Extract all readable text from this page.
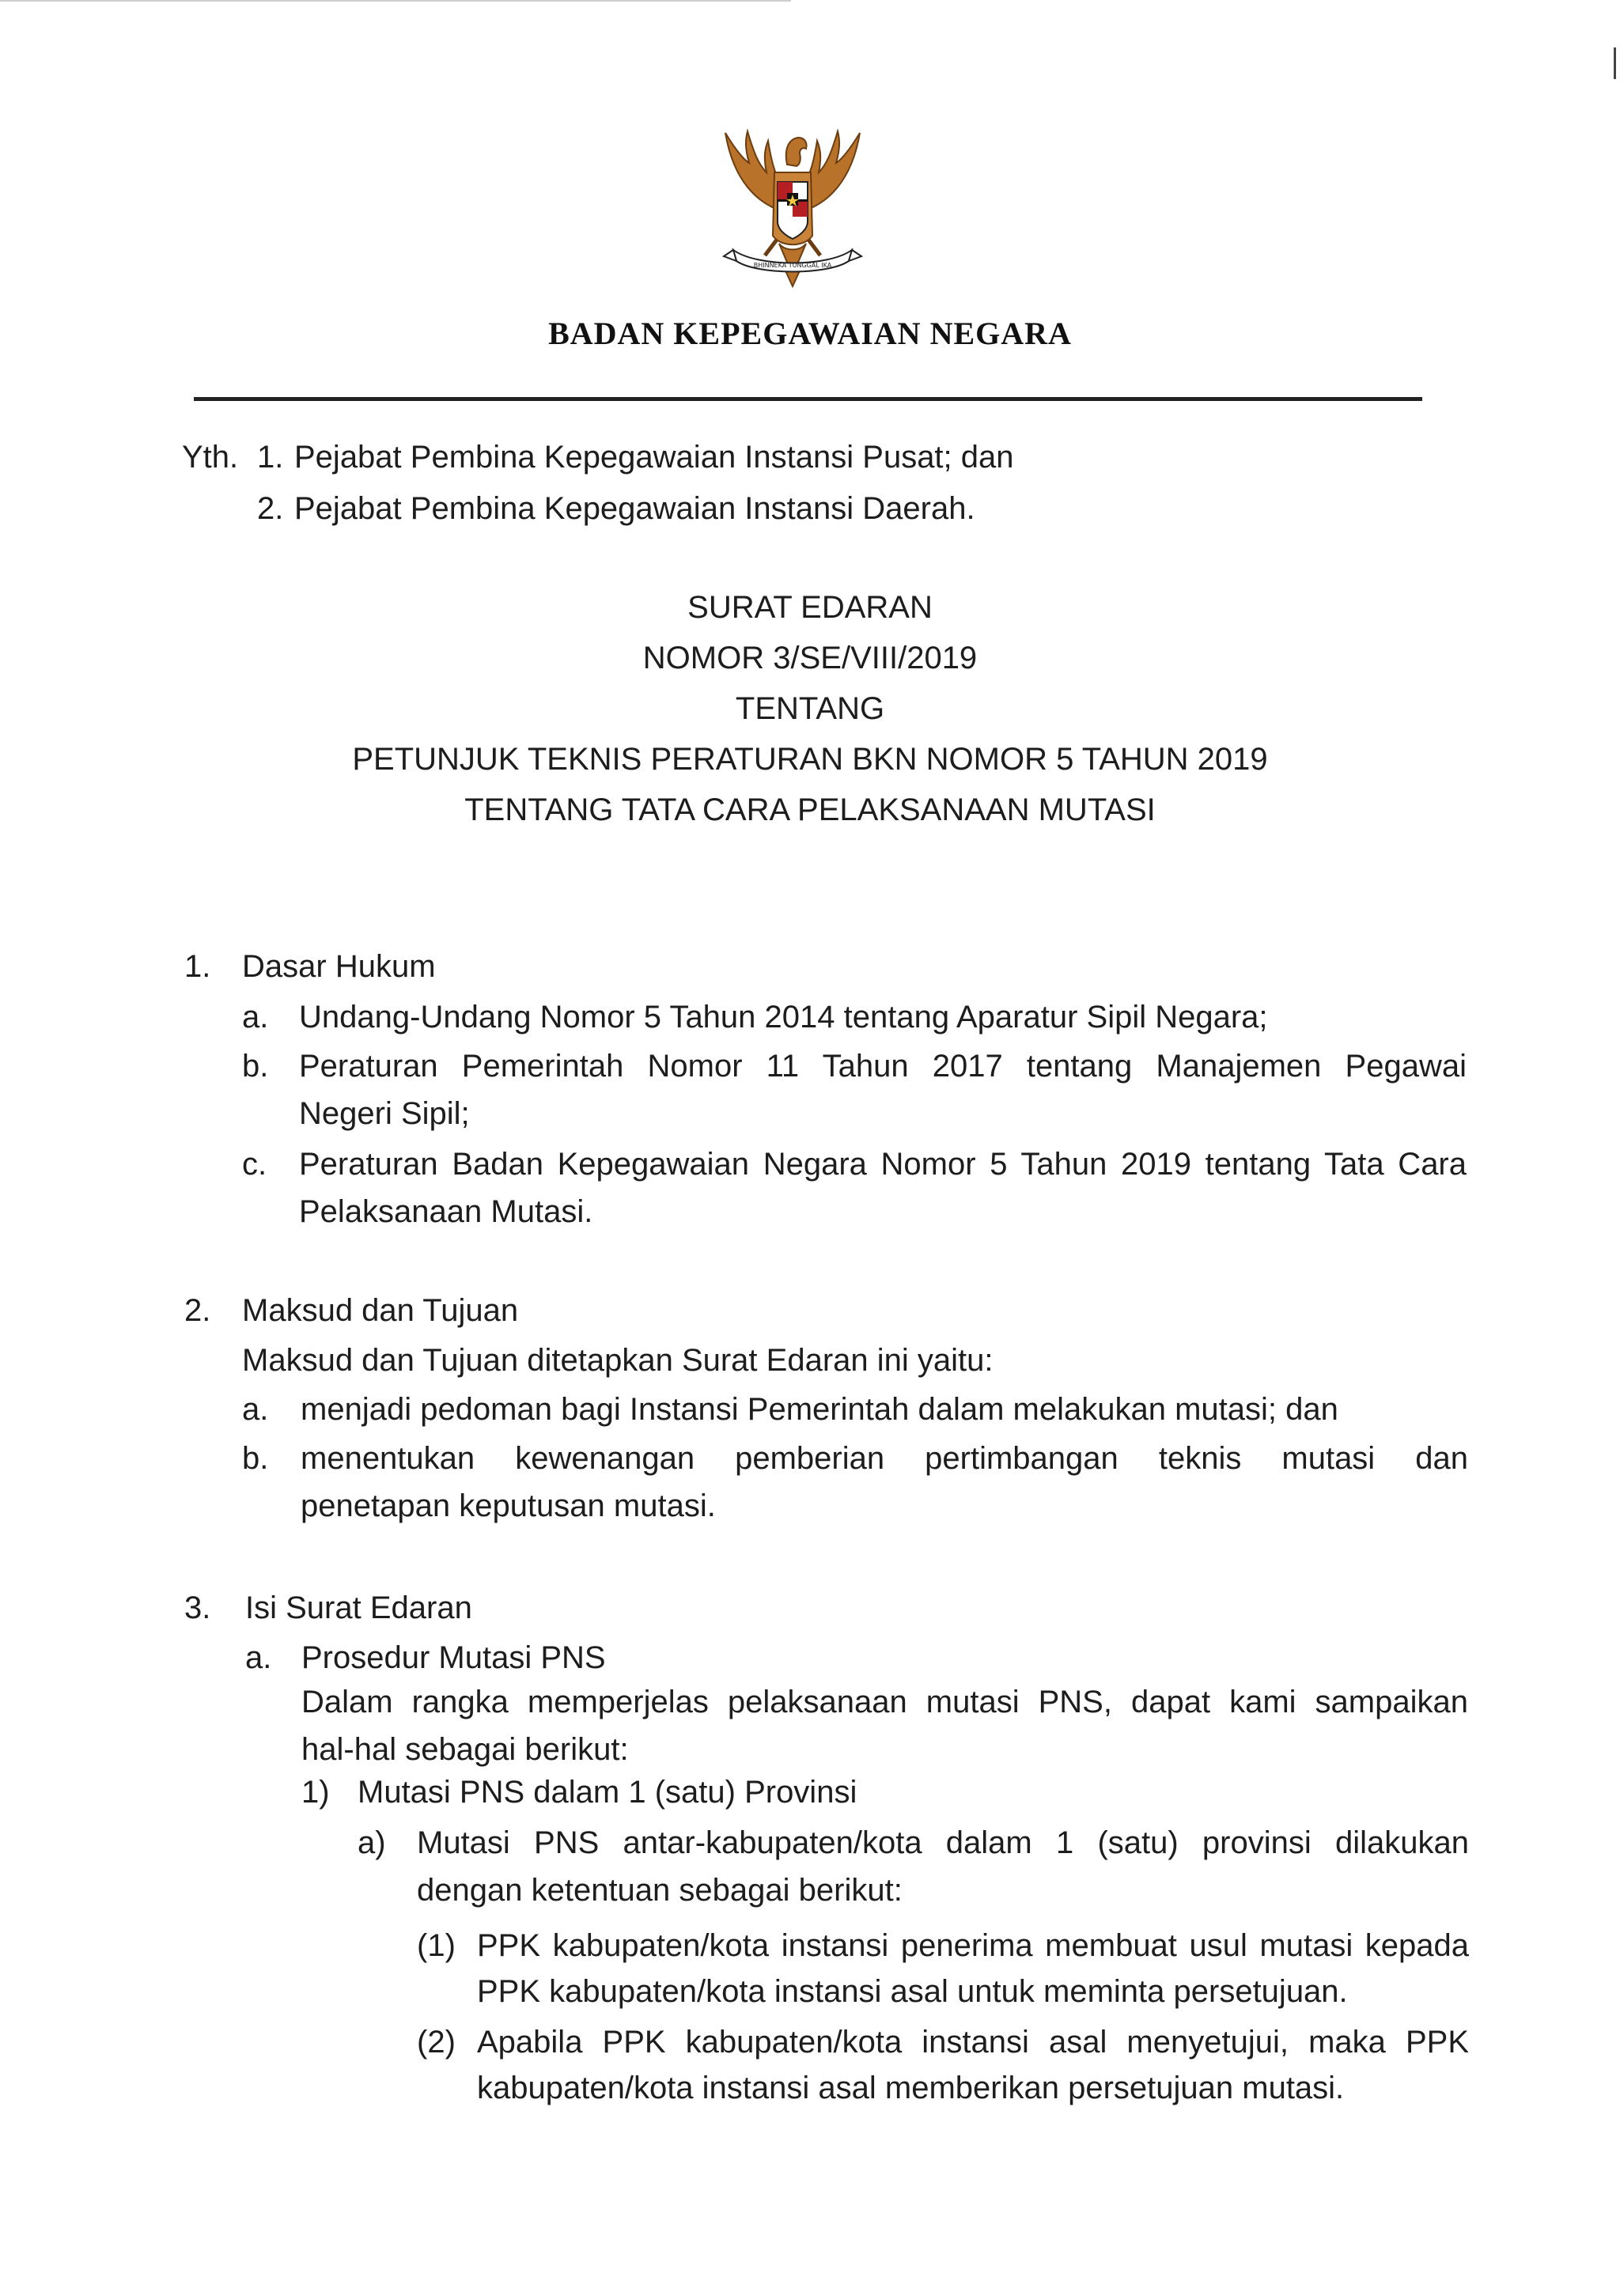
BHINNEKA TUNGGAL IKA
BADAN KEPEGAWAIAN NEGARA
Yth. 1. Pejabat Pembina Kepegawaian Instansi Pusat; dan
2. Pejabat Pembina Kepegawaian Instansi Daerah.
SURAT EDARAN
NOMOR 3/SE/VIII/2019
TENTANG
PETUNJUK TEKNIS PERATURAN BKN NOMOR 5 TAHUN 2019
TENTANG TATA CARA PELAKSANAAN MUTASI
1. Dasar Hukum
a. Undang-Undang Nomor 5 Tahun 2014 tentang Aparatur Sipil Negara;
b. Peraturan Pemerintah Nomor 11 Tahun 2017 tentang Manajemen Pegawai
Negeri Sipil;
c. Peraturan Badan Kepegawaian Negara Nomor 5 Tahun 2019 tentang Tata Cara
Pelaksanaan Mutasi.
2. Maksud dan Tujuan
Maksud dan Tujuan ditetapkan Surat Edaran ini yaitu:
a. menjadi pedoman bagi Instansi Pemerintah dalam melakukan mutasi; dan
b. menentukan kewenangan pemberian pertimbangan teknis mutasi dan
penetapan keputusan mutasi.
3. Isi Surat Edaran
a. Prosedur Mutasi PNS
Dalam rangka memperjelas pelaksanaan mutasi PNS, dapat kami sampaikan
hal-hal sebagai berikut:
1) Mutasi PNS dalam 1 (satu) Provinsi
a) Mutasi PNS antar-kabupaten/kota dalam 1 (satu) provinsi dilakukan
dengan ketentuan sebagai berikut:
(1) PPK kabupaten/kota instansi penerima membuat usul mutasi kepada
PPK kabupaten/kota instansi asal untuk meminta persetujuan.
(2) Apabila PPK kabupaten/kota instansi asal menyetujui, maka PPK
kabupaten/kota instansi asal memberikan persetujuan mutasi.
